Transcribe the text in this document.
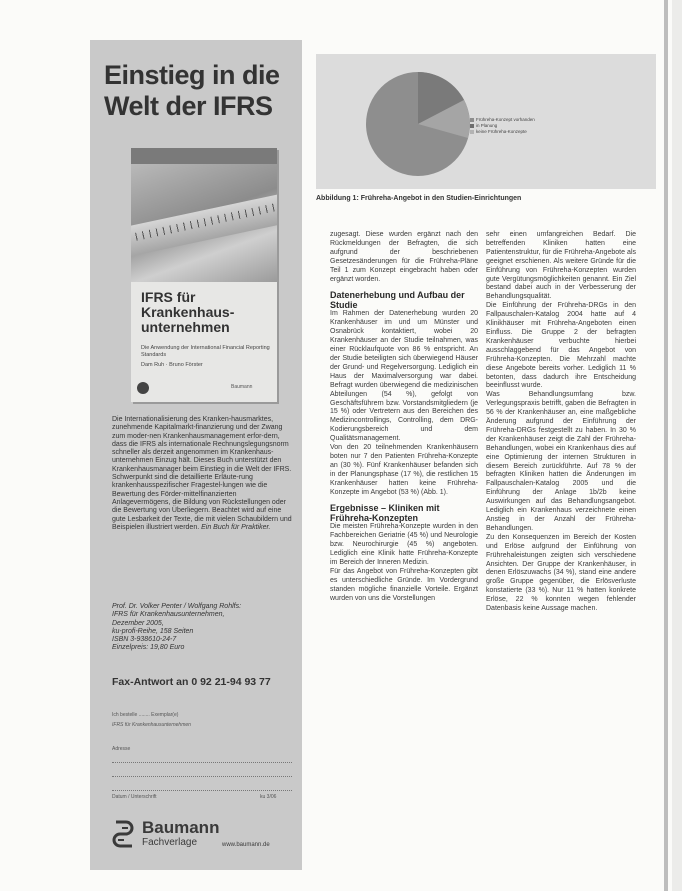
Einstieg in die Welt der IFRS
IFRS für Krankenhaus-unternehmen
Die Anwendung der International Financial Reporting Standards
Dam Ruh · Bruno Förster
Baumann
Die Internationalisierung des Kranken-hausmarktes, zunehmende Kapitalmarkt-finanzierung und der Zwang zum moder-nen Krankenhausmanagement erfor-dern, dass die IFRS als internationale Rechnungslegungsnorm schneller als derzeit angenommen im Krankenhaus-unternehmen Einzug hält. Dieses Buch unterstützt den Krankenhausmanager beim Einstieg in die Welt der IFRS. Schwerpunkt sind die detaillierte Erläute-rung krankenhausspezifischer Fragestel-lungen wie die Bewertung des Förder-mittelfinanzierten Anlagevermögens, die Bildung von Rückstellungen oder die Bewertung von Überliegern. Beachtet wird auf eine gute Lesbarkeit der Texte, die mit vielen Schaubildern und Beispielen illustriert werden. Ein Buch für Praktiker.
Prof. Dr. Volker Penter / Wolfgang Rohlfs:
IFRS für Krankenhausunternehmen,
Dezember 2005,
ku-profi-Reihe, 158 Seiten
ISBN 3-938610-24-7
Einzelpreis: 19,80 Euro
Fax-Antwort an 0 92 21-94 93 77
Ich bestelle ........ Exemplar(e)
IFRS für Krankenhausunternehmen
Adresse
Datum / Unterschrift	ku 3/06
Baumann
Fachverlage	www.baumann.de
Frühreha-Konzept vorhanden
in Planung
keine Frühreha-Konzepte
Abbildung 1: Frühreha-Angebot in den Studien-Einrichtungen

zugesagt. Diese wurden ergänzt nach den Rückmeldungen der Befragten, die sich aufgrund der beschriebenen Gesetzesänderungen für die Frühreha-Pläne Teil 1 zum Konzept eingebracht haben oder ergänzt worden.

Datenerhebung und Aufbau der Studie

Im Rahmen der Datenerhebung wurden 20 Krankenhäuser im und um Münster und Osnabrück kontaktiert, wobei 20 Krankenhäuser an der Studie teilnahmen, was einer Rücklaufquote von 86 % entspricht. An der Studie beteiligten sich überwiegend Häuser der Grund- und Regelversorgung. Lediglich ein Haus der Maximalversorgung war dabei. Befragt wurden überwiegend die medizinischen Abteilungen (54 %), gefolgt von Geschäftsführern bzw. Vorstandsmitgliedern (je 15 %) oder Vertretern aus den Bereichen des Medizincontrollings, Controlling, dem DRG-Kodierungsbereich und dem Qualitätsmanagement.

Von den 20 teilnehmenden Krankenhäusern boten nur 7 den Patienten Frühreha-Konzepte an (30 %). Fünf Krankenhäuser befanden sich in der Planungsphase (17 %), die restlichen 15 Krankenhäuser hatten keine Frühreha-Konzepte im Angebot (53 %) (Abb. 1).

Ergebnisse – Kliniken mit Frühreha-Konzepten

Die meisten Frühreha-Konzepte wurden in den Fachbereichen Geriatrie (45 %) und Neurologie bzw. Neurochirurgie (45 %) angeboten. Lediglich eine Klinik hatte Frühreha-Konzepte im Bereich der Inneren Medizin.

Für das Angebot von Frühreha-Konzepten gibt es unterschiedliche Gründe. Im Vordergrund standen mögliche finanzielle Vorteile. Ergänzt wurden von uns die Vorstellungen

sehr einen umfangreichen Bedarf. Die betreffenden Kliniken hatten eine Patientenstruktur, für die Frühreha-Angebote als geeignet erschienen. Als weitere Gründe für die Einführung von Frühreha-Konzepten wurden gute Vergütungsmöglichkeiten genannt. Ein Ziel bestand dabei auch in der Verbesserung der Behandlungsqualität.

Die Einführung der Frühreha-DRGs in den Fallpauschalen-Katalog 2004 hatte auf 4 Klinikhäuser mit Frühreha-Angeboten einen Einfluss. Die Gruppe 2 der befragten Krankenhäuser verbuchte hierbei ausschlaggebend für das Angebot von Frühreha-Konzepten. Die Mehrzahl machte diese Angebote bereits vorher. Lediglich 11 % betonten, dass dadurch ihre Entscheidung beeinflusst wurde.

Was Behandlungsumfang bzw. Verlegungspraxis betrifft, gaben die Befragten in 56 % der Krankenhäuser an, eine maßgebliche Änderung aufgrund der Einführung der Frühreha-DRGs festgestellt zu haben. In 30 % der Krankenhäuser zeigt die Zahl der Frühreha-Behandlungen, wobei ein Krankenhaus dies auf eine Optimierung der internen Strukturen in diesem Bereich zurückführte. Auf 78 % der befragten Kliniken hatten die Änderungen im Fallpauschalen-Katalog 2005 und die Einführung der Anlage 1b/2b keine Auswirkungen auf das Behandlungsangebot. Lediglich ein Krankenhaus verzeichnete einen Anstieg in der Anzahl der Frühreha-Behandlungen.

Zu den Konsequenzen im Bereich der Kosten und Erlöse aufgrund der Einführung von Frührehaleistungen zeigten sich verschiedene Ansichten. Der Gruppe der Krankenhäuser, in denen Erlöszuwachs (34 %), stand eine andere große Gruppe gegenüber, die Erlösverluste konstatierte (33 %). Nur 11 % hatten konkrete Erlöse, 22 % konnten wegen fehlender Datenbasis keine Aussage machen.
